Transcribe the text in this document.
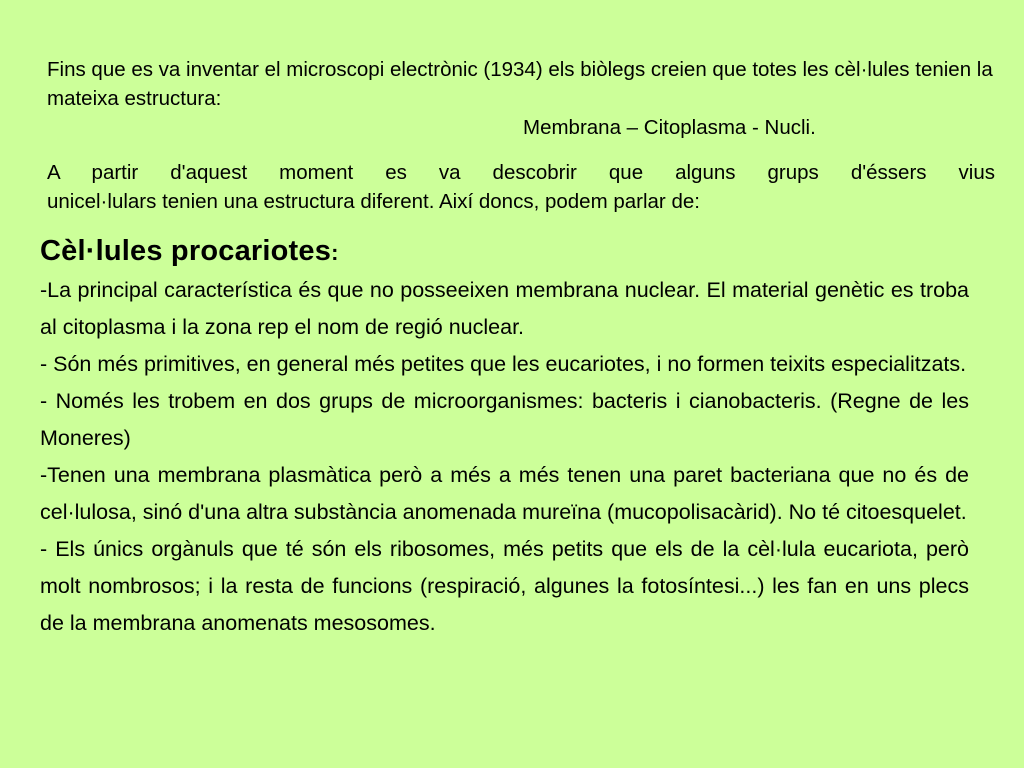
Fins que es va inventar el microscopi electrònic (1934) els biòlegs creien que totes les cèl·lules tenien la mateixa estructura:

Membrana – Citoplasma - Nucli.

A partir d'aquest moment es va descobrir que alguns grups d'éssers vius
unicel·lulars tenien una estructura diferent. Així doncs, podem parlar de:

Cèl·lules procariotes:

-La principal característica és que no posseeixen membrana nuclear. El material genètic es troba al citoplasma i la zona rep el nom de regió nuclear.

- Són més primitives, en general més petites que les eucariotes, i no formen teixits especialitzats.

- Només les trobem en dos grups de microorganismes: bacteris i cianobacteris. (Regne de les Moneres)

-Tenen una membrana plasmàtica però a més a més tenen una paret bacteriana que no és de cel·lulosa, sinó d'una altra substància anomenada mureïna (mucopolisacàrid). No té citoesquelet.

- Els únics orgànuls que té són els ribosomes, més petits que els de la cèl·lula eucariota, però molt nombrosos; i la resta de funcions (respiració, algunes la fotosíntesi...) les fan en uns plecs de la membrana anomenats mesosomes.
